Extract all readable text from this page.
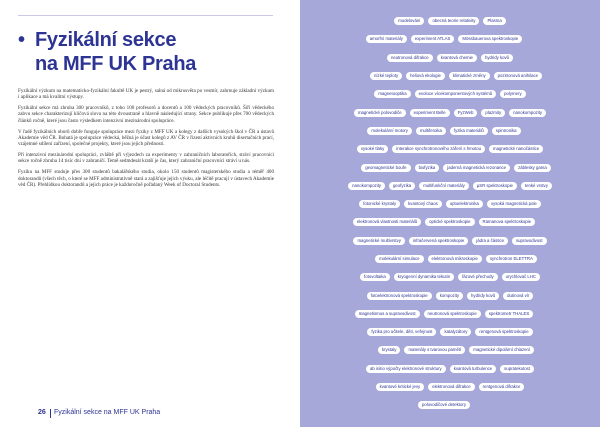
• Fyzikální sekce
na MFF UK Praha

Fyzikální výzkum na matematicko-fyzikální fakultě UK je pestrý, salná od mikrosvěta po vesmír, zahrnuje základní výzkum i aplikace a má kvalitní výstupy.

Fyzikální sekce má zhruba 300 pracovníků, z toho 100 profesorů a docentů a 100 vědeckých pracovníků. Šíří vědeckého zabvu sekce charakterizují klíčová slova na této dvoustraně a hlavně následující strany. Sekce publikuje přes 700 vědeckých článků ročně, které jsou často výsledkem intenzivní mezinárodní spolupráce.

V řadě fyzikálních oborů dobře funguje spolupráce mezi fyziky z MFF UK a kolegy z dalších vysokých škol v ČR a ústavů Akademie věd ČR. Bohatá je spolupráce vědecká, běžná je účast kolegů z AV ČR v řízení aktivních kruhů disertačních prací, vzájemné sdílení zařízení, společné projekty, které jsou jejich předností.

Při intenzivní mezinárodní spolupráci, zvláště při výjezdech za experimenty v zahraničních laboratořích, stráví pracovníci sekce ročně zhruba 14 tisíc dní v zahraničí. Temě sedmdesát kratší je čas, který zahraniční pracovníci stráví u nás.

Fyziku na MFF studuje přes 300 studentů bakalářského studia, okolo 150 studentů magisterského studia a téměř 400 doktorandů (všech těch, o které se MFF administrativně stará a zajišťuje jejich výuku, ale léčitě pracují v ústavech Akademie věd ČR). Přehlídkou doktorandů a jejich práce je každoročně pořádaný Week of Doctoral Students.

26 Fyzikální sekce na MFF UK Praha
modelování	obecná teorie relativity	Plasma
amorfní materiály	experiment ATLAS	Mössbauerova spektroskopie
neutronová difrakce	kvantová chemie	hydridy kovů
nízké teploty	heliová ekologie	klimatické změny	pozitronová anihilace
magnetooptika	evoluce vícekomponentových systémů	polymery
magnetické polovodiče	experiment Belle	FyzWeb	plazmity	nanokompozity
molekulární motory	multiferoika	fyzika materiálů	spintronika
vysoké tlaky	interakce synchrotronového záření s hmotou	magnetické nanočástice
geomagnetické bouře	biofyzika	jaderná magnetická rezonance	záblesky gama
nanokompozity	geofyzika	multifunkční materiály	µSR spektroskopie	tenké vrstvy
fotonické krystaly	kvantový chaos	optoelektronika	vysoká magnetická pole
elektronová vlastnosti materiálů	optické spektroskopie	Ramanova spektroskopie
magnetické multivrstvy	infračervená spektroskopie	jádra a částice	supravodivost
molekulární simulace	elektronová mikroskopie	synchrotron ELETTRA
fotovoltaika	kryogenní dynamika tekutin	fázové přechody	urychlovač LHC
fotoelektronová spektroskopie	kompozity	hydridy kovů	dutinová vír
magnetismus a supravodivost	neutronová spektroskopie	spektrometr THALES
fyzika pro učitele, děti, veřejnost	katalyzátory	rentgenová spektroskopie
krystaly	materiály s tvarovou pamětí	magnetické dipolární chlazení
ab initio výpočty elektronové struktury	kvantová turbulence	supratekutost
kvantové kritické jevy	elektronová difrakce	rentgenová difrakce
polovodičové detektory
